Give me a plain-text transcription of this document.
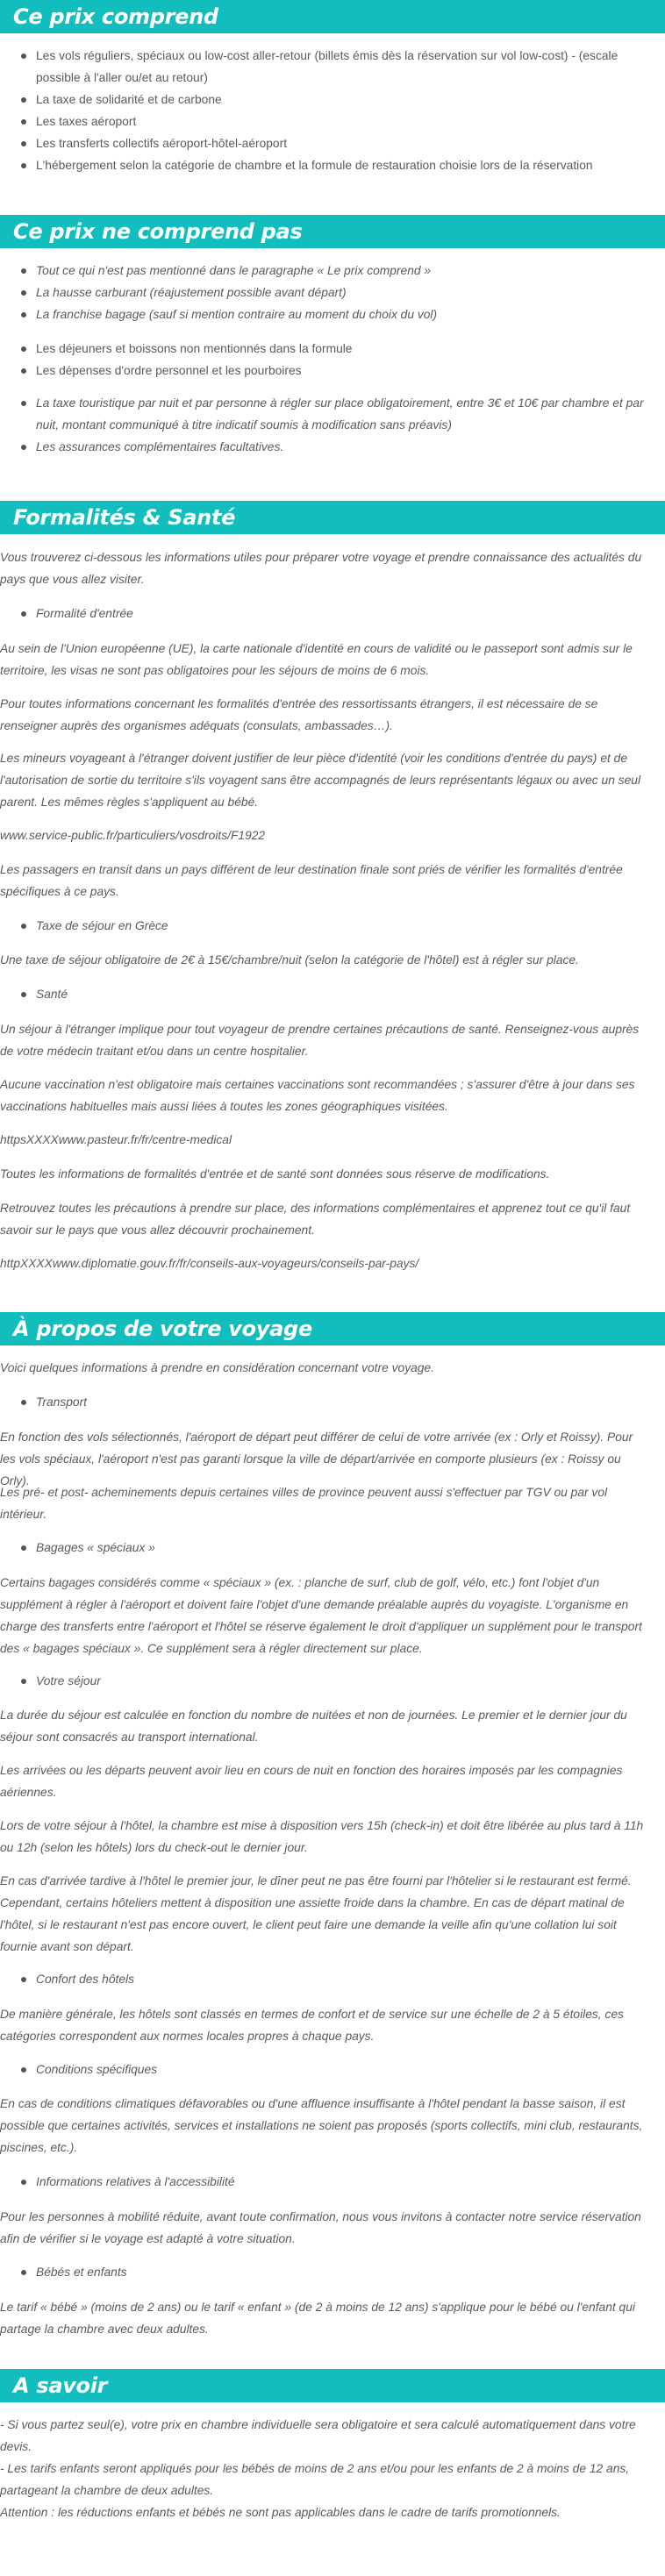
Ce prix comprend
Les vols réguliers, spéciaux ou low-cost aller-retour (billets émis dès la réservation sur vol low-cost) - (escale possible à l'aller ou/et au retour)
La taxe de solidarité et de carbone
Les taxes aéroport
Les transferts collectifs aéroport-hôtel-aéroport
L'hébergement selon la catégorie de chambre et la formule de restauration choisie lors de la réservation
Ce prix ne comprend pas
Tout ce qui n'est pas mentionné dans le paragraphe « Le prix comprend »
La hausse carburant (réajustement possible avant départ)
La franchise bagage (sauf si mention contraire au moment du choix du vol)
Les déjeuners et boissons non mentionnés dans la formule
Les dépenses d'ordre personnel et les pourboires
La taxe touristique par nuit et par personne à régler sur place obligatoirement, entre 3€ et 10€ par chambre et par nuit, montant communiqué à titre indicatif soumis à modification sans préavis)
Les assurances complémentaires facultatives.
Formalités & Santé

Vous trouverez ci-dessous les informations utiles pour préparer votre voyage et prendre connaissance des actualités du pays que vous allez visiter.

Formalité d'entrée

Au sein de l'Union européenne (UE), la carte nationale d'identité en cours de validité ou le passeport sont admis sur le territoire, les visas ne sont pas obligatoires pour les séjours de moins de 6 mois.

Pour toutes informations concernant les formalités d'entrée des ressortissants étrangers, il est nécessaire de se renseigner auprès des organismes adéquats (consulats, ambassades…).

Les mineurs voyageant à l'étranger doivent justifier de leur pièce d'identité (voir les conditions d'entrée du pays) et de l'autorisation de sortie du territoire s'ils voyagent sans être accompagnés de leurs représentants légaux ou avec un seul parent. Les mêmes règles s'appliquent au bébé.

www.service-public.fr/particuliers/vosdroits/F1922

Les passagers en transit dans un pays différent de leur destination finale sont priés de vérifier les formalités d'entrée spécifiques à ce pays.

Taxe de séjour en Grèce

Une taxe de séjour obligatoire de 2€ à 15€/chambre/nuit (selon la catégorie de l'hôtel) est à régler sur place.

Santé

Un séjour à l'étranger implique pour tout voyageur de prendre certaines précautions de santé. Renseignez-vous auprès de votre médecin traitant et/ou dans un centre hospitalier.

Aucune vaccination n'est obligatoire mais certaines vaccinations sont recommandées ; s'assurer d'être à jour dans ses vaccinations habituelles mais aussi liées à toutes les zones géographiques visitées.

httpsXXXXwww.pasteur.fr/fr/centre-medical

Toutes les informations de formalités d'entrée et de santé sont données sous réserve de modifications.

Retrouvez toutes les précautions à prendre sur place, des informations complémentaires et apprenez tout ce qu'il faut savoir sur le pays que vous allez découvrir prochainement.

httpXXXXwww.diplomatie.gouv.fr/fr/conseils-aux-voyageurs/conseils-par-pays/

À propos de votre voyage

Voici quelques informations à prendre en considération concernant votre voyage.

Transport

En fonction des vols sélectionnés, l'aéroport de départ peut différer de celui de votre arrivée (ex : Orly et Roissy). Pour les vols spéciaux, l'aéroport n'est pas garanti lorsque la ville de départ/arrivée en comporte plusieurs (ex : Roissy ou Orly).

Les pré- et post- acheminements depuis certaines villes de province peuvent aussi s'effectuer par TGV ou par vol intérieur.

Bagages « spéciaux »

Certains bagages considérés comme « spéciaux » (ex. : planche de surf, club de golf, vélo, etc.) font l'objet d'un supplément à régler à l'aéroport et doivent faire l'objet d'une demande préalable auprès du voyagiste. L'organisme en charge des transferts entre l'aéroport et l'hôtel se réserve également le droit d'appliquer un supplément pour le transport des « bagages spéciaux ». Ce supplément sera à régler directement sur place.

Votre séjour

La durée du séjour est calculée en fonction du nombre de nuitées et non de journées. Le premier et le dernier jour du séjour sont consacrés au transport international.

Les arrivées ou les départs peuvent avoir lieu en cours de nuit en fonction des horaires imposés par les compagnies aériennes.

Lors de votre séjour à l'hôtel, la chambre est mise à disposition vers 15h (check-in) et doit être libérée au plus tard à 11h ou 12h (selon les hôtels) lors du check-out le dernier jour.

En cas d'arrivée tardive à l'hôtel le premier jour, le dîner peut ne pas être fourni par l'hôtelier si le restaurant est fermé. Cependant, certains hôteliers mettent à disposition une assiette froide dans la chambre. En cas de départ matinal de l'hôtel, si le restaurant n'est pas encore ouvert, le client peut faire une demande la veille afin qu'une collation lui soit fournie avant son départ.

Confort des hôtels

De manière générale, les hôtels sont classés en termes de confort et de service sur une échelle de 2 à 5 étoiles, ces catégories correspondent aux normes locales propres à chaque pays.

Conditions spécifiques

En cas de conditions climatiques défavorables ou d'une affluence insuffisante à l'hôtel pendant la basse saison, il est possible que certaines activités, services et installations ne soient pas proposés (sports collectifs, mini club, restaurants, piscines, etc.).

Informations relatives à l'accessibilité

Pour les personnes à mobilité réduite, avant toute confirmation, nous vous invitons à contacter notre service réservation afin de vérifier si le voyage est adapté à votre situation.

Bébés et enfants

Le tarif « bébé » (moins de 2 ans) ou le tarif « enfant » (de 2 à moins de 12 ans) s'applique pour le bébé ou l'enfant qui partage la chambre avec deux adultes.

A savoir
- Si vous partez seul(e), votre prix en chambre individuelle sera obligatoire et sera calculé automatiquement dans votre devis.
- Les tarifs enfants seront appliqués pour les bébés de moins de 2 ans et/ou pour les enfants de 2 à moins de 12 ans, partageant la chambre de deux adultes.
Attention : les réductions enfants et bébés ne sont pas applicables dans le cadre de tarifs promotionnels.
